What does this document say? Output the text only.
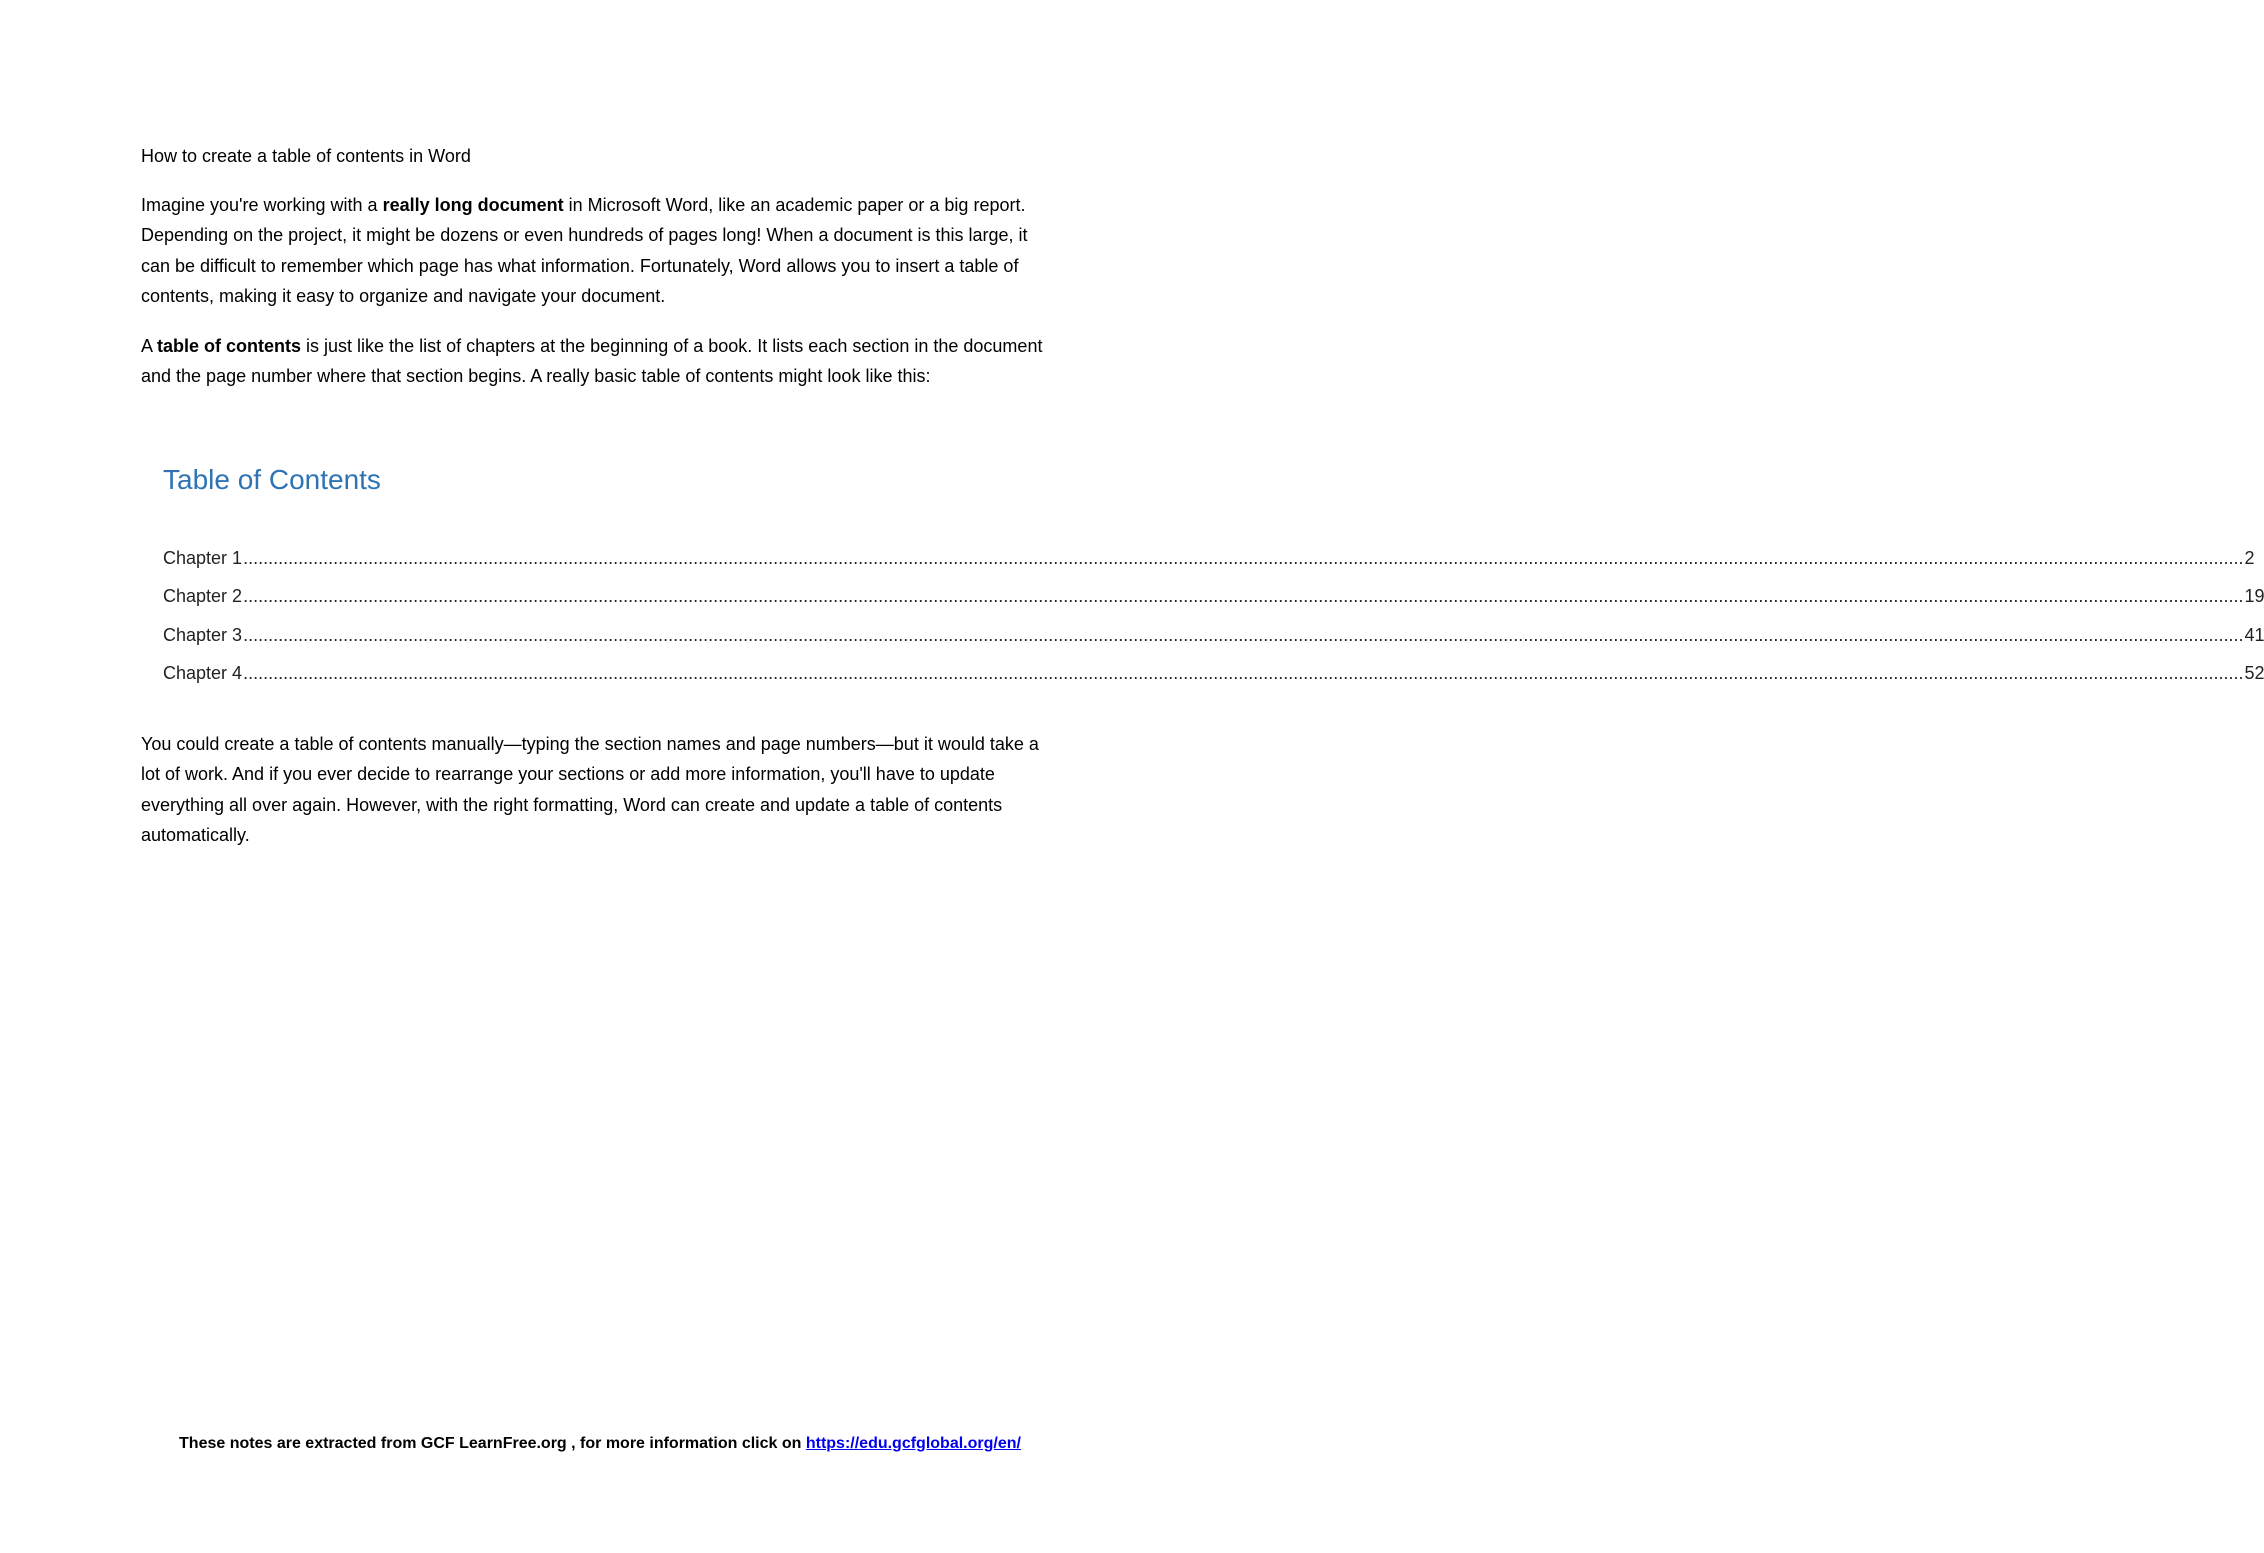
How to create a table of contents in Word

Imagine you're working with a really long document in Microsoft Word, like an academic paper or a big report. Depending on the project, it might be dozens or even hundreds of pages long! When a document is this large, it can be difficult to remember which page has what information. Fortunately, Word allows you to insert a table of contents, making it easy to organize and navigate your document.

A table of contents is just like the list of chapters at the beginning of a book. It lists each section in the document and the page number where that section begins. A really basic table of contents might look like this:

Table of Contents
Chapter 1 ................................................................................................................................................................................................................................................................................................................................................................................................................ 2
Chapter 2 ................................................................................................................................................................................................................................................................................................................................................................................................................ 19
Chapter 3 ................................................................................................................................................................................................................................................................................................................................................................................................................ 41
Chapter 4 ................................................................................................................................................................................................................................................................................................................................................................................................................ 52

You could create a table of contents manually—typing the section names and page numbers—but it would take a lot of work. And if you ever decide to rearrange your sections or add more information, you'll have to update everything all over again. However, with the right formatting, Word can create and update a table of contents automatically.

These notes are extracted from GCF LearnFree.org , for more information click on https://edu.gcfglobal.org/en/
